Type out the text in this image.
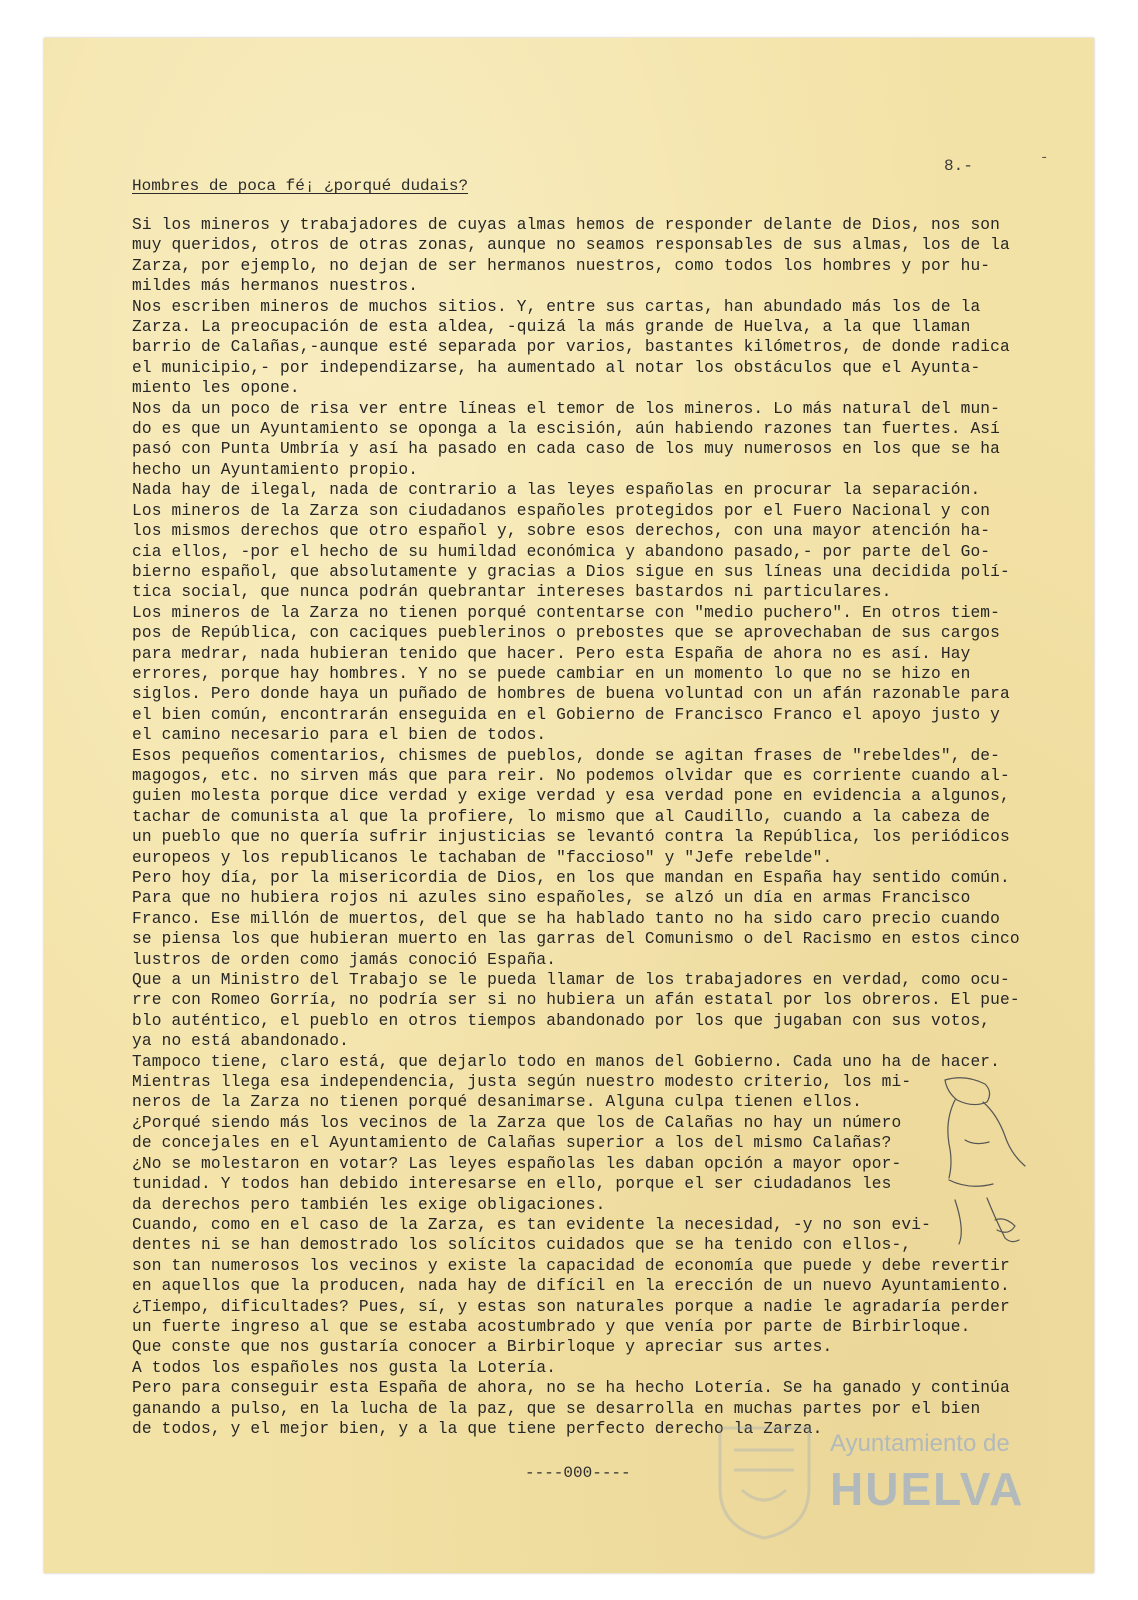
8.-	-
Hombres de poca fé¡ ¿porqué dudais?
Si los mineros y trabajadores de cuyas almas hemos de responder delante de Dios, nos son
muy queridos, otros de otras zonas, aunque no seamos responsables de sus almas, los de la
Zarza, por ejemplo, no dejan de ser hermanos nuestros, como todos los hombres y por hu-
mildes más hermanos nuestros.
Nos escriben mineros de muchos sitios. Y, entre sus cartas, han abundado más los de la
Zarza. La preocupación de esta aldea, -quizá la más grande de Huelva, a la que llaman
barrio de Calañas,-aunque esté separada por varios, bastantes kilómetros, de donde radica
el municipio,- por independizarse, ha aumentado al notar los obstáculos que el Ayunta-
miento les opone.
Nos da un poco de risa ver entre líneas el temor de los mineros. Lo más natural del mun-
do es que un Ayuntamiento se oponga a la escisión, aún habiendo razones tan fuertes. Así
pasó con Punta Umbría y así ha pasado en cada caso de los muy numerosos en los que se ha
hecho un Ayuntamiento propio.
Nada hay de ilegal, nada de contrario a las leyes españolas en procurar la separación.
Los mineros de la Zarza son ciudadanos españoles protegidos por el Fuero Nacional y con
los mismos derechos que otro español y, sobre esos derechos, con una mayor atención ha-
cia ellos, -por el hecho de su humildad económica y abandono pasado,- por parte del Go-
bierno español, que absolutamente y gracias a Dios sigue en sus líneas una decidida polí-
tica social, que nunca podrán quebrantar intereses bastardos ni particulares.
Los mineros de la Zarza no tienen porqué contentarse con "medio puchero". En otros tiem-
pos de República, con caciques pueblerinos o prebostes que se aprovechaban de sus cargos
para medrar, nada hubieran tenido que hacer. Pero esta España de ahora no es así. Hay
errores, porque hay hombres. Y no se puede cambiar en un momento lo que no se hizo en
siglos. Pero donde haya un puñado de hombres de buena voluntad con un afán razonable para
el bien común, encontrarán enseguida en el Gobierno de Francisco Franco el apoyo justo y
el camino necesario para el bien de todos.
Esos pequeños comentarios, chismes de pueblos, donde se agitan frases de "rebeldes", de-
magogos, etc. no sirven más que para reir. No podemos olvidar que es corriente cuando al-
guien molesta porque dice verdad y exige verdad y esa verdad pone en evidencia a algunos,
tachar de comunista al que la profiere, lo mismo que al Caudillo, cuando a la cabeza de
un pueblo que no quería sufrir injusticias se levantó contra la República, los periódicos
europeos y los republicanos le tachaban de "faccioso" y "Jefe rebelde".
Pero hoy día, por la misericordia de Dios, en los que mandan en España hay sentido común.
Para que no hubiera rojos ni azules sino españoles, se alzó un día en armas Francisco
Franco. Ese millón de muertos, del que se ha hablado tanto no ha sido caro precio cuando
se piensa los que hubieran muerto en las garras del Comunismo o del Racismo en estos cinco
lustros de orden como jamás conoció España.
Que a un Ministro del Trabajo se le pueda llamar de los trabajadores en verdad, como ocu-
rre con Romeo Gorría, no podría ser si no hubiera un afán estatal por los obreros. El pue-
blo auténtico, el pueblo en otros tiempos abandonado por los que jugaban con sus votos,
ya no está abandonado.
Tampoco tiene, claro está, que dejarlo todo en manos del Gobierno. Cada uno ha de hacer.
Mientras llega esa independencia, justa según nuestro modesto criterio, los mi-
neros de la Zarza no tienen porqué desanimarse. Alguna culpa tienen ellos.
¿Porqué siendo más los vecinos de la Zarza que los de Calañas no hay un número
de concejales en el Ayuntamiento de Calañas superior a los del mismo Calañas?
¿No se molestaron en votar? Las leyes españolas les daban opción a mayor opor-
tunidad. Y todos han debido interesarse en ello, porque el ser ciudadanos les
da derechos pero también les exige obligaciones.
Cuando, como en el caso de la Zarza, es tan evidente la necesidad, -y no son evi-
dentes ni se han demostrado los solícitos cuidados que se ha tenido con ellos-,
son tan numerosos los vecinos y existe la capacidad de economía que puede y debe revertir
en aquellos que la producen, nada hay de difícil en la erección de un nuevo Ayuntamiento.
¿Tiempo, dificultades? Pues, sí, y estas son naturales porque a nadie le agradaría perder
un fuerte ingreso al que se estaba acostumbrado y que venía por parte de Birbirloque.
Que conste que nos gustaría conocer a Birbirloque y apreciar sus artes.
A todos los españoles nos gusta la Lotería.
Pero para conseguir esta España de ahora, no se ha hecho Lotería. Se ha ganado y continúa
ganando a pulso, en la lucha de la paz, que se desarrolla en muchas partes por el bien
de todos, y el mejor bien, y a la que tiene perfecto derecho la Zarza.
----000----
Ayuntamiento de
HUELVA
